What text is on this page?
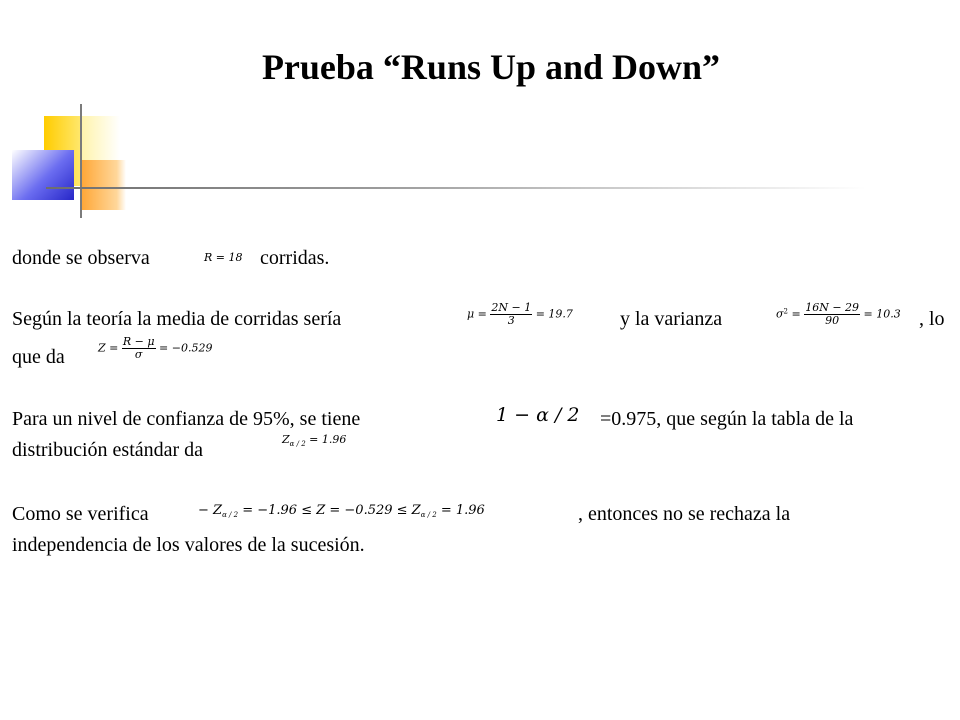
Prueba “Runs Up and Down”
donde se observa	R = 18 corridas.
Según la teoría la media de corridas sería	$\mu = \frac{2N - 1}{3} = 19.7$ y la varianza	$\sigma^2 = \frac{16N - 29}{90} = 10.3$ , lo
que da	$Z = \frac{R - \mu}{\sigma} = -0.529$
Para un nivel de confianza de 95%, se tiene	1 − α / 2 =0.975, que según la tabla de la
distribución estándar da	$Z_{\alpha / 2} = 1.96$
Como se verifica	− $Z_{\alpha / 2} = -1.96 \le Z = -0.529 \le Z_{\alpha / 2} = 1.96$	, entonces no se rechaza la
independencia de los valores de la sucesión.
